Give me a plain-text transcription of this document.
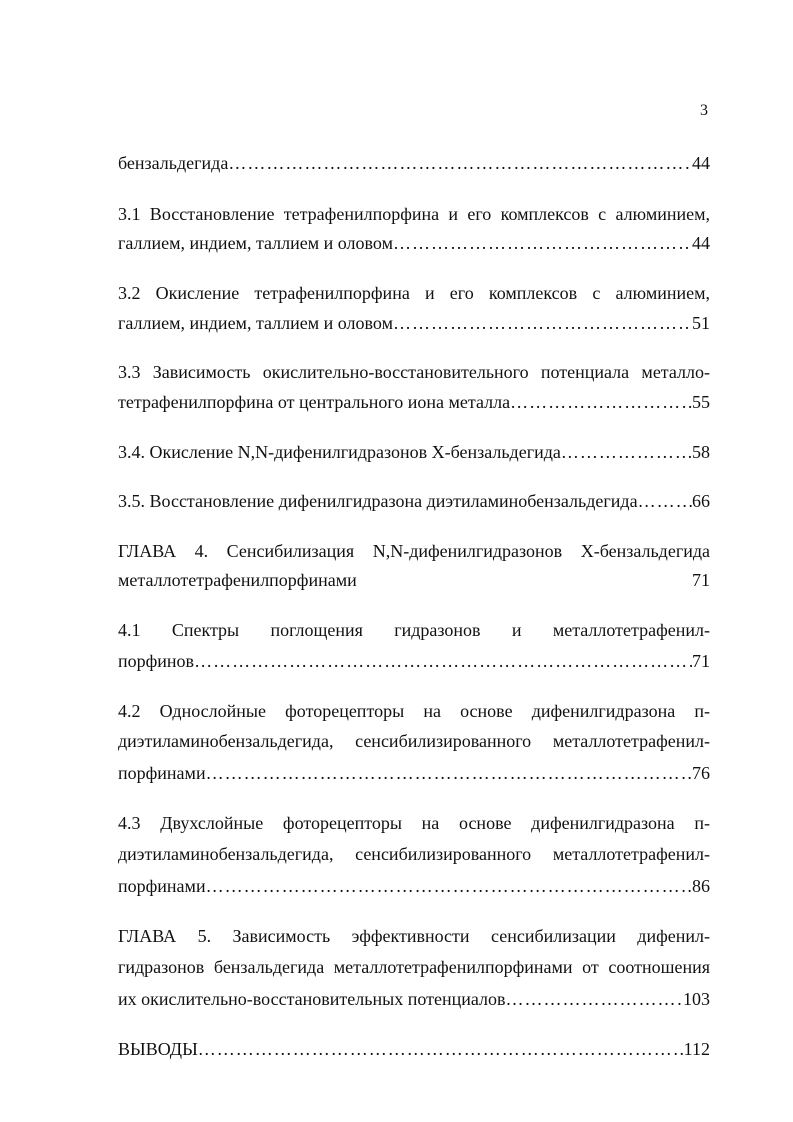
3
бензальдегида ………………………………………………………………………………………………………………………………………………………………	44
3.1 Восстановление тетрафенилпорфина и его комплексов с алюминием,
галлием, индием, таллием и оловом ………………………………………………………………………………………………………………………………………………………………	44
3.2 Окисление тетрафенилпорфина и его комплексов с алюминием,
галлием, индием, таллием и оловом ………………………………………………………………………………………………………………………………………………………………	51
3.3 Зависимость окислительно-восстановительного потенциала металло-
тетрафенилпорфина от центрального иона металла ………………………………………………………………………………………………………………………………………………………………	55
3.4. Окисление N,N-дифенилгидразонов X-бензальдегида ………………………………………………………………………………………………………………………………………………………………	58
3.5. Восстановление дифенилгидразона диэтиламинобензальдегида ………………………………………………………………………………………………………………………………………………………………	66
ГЛАВА 4. Сенсибилизация N,N-дифенилгидразонов X-бензальдегида
металлотетрафенилпорфинами	71
4.1 Спектры поглощения гидразонов и металлотетрафенил-
порфинов ………………………………………………………………………………………………………………………………………………………………	71
4.2 Однослойные фоторецепторы на основе дифенилгидразона п-
диэтиламинобензальдегида, сенсибилизированного металлотетрафенил-
порфинами ………………………………………………………………………………………………………………………………………………………………	76
4.3 Двухслойные фоторецепторы на основе дифенилгидразона п-
диэтиламинобензальдегида, сенсибилизированного металлотетрафенил-
порфинами ………………………………………………………………………………………………………………………………………………………………	86
ГЛАВА 5. Зависимость эффективности сенсибилизации дифенил-
гидразонов бензальдегида металлотетрафенилпорфинами от соотношения
их окислительно-восстановительных потенциалов ………………………………………………………………………………………………………………………………………………………………	103
ВЫВОДЫ ………………………………………………………………………………………………………………………………………………………………	112
